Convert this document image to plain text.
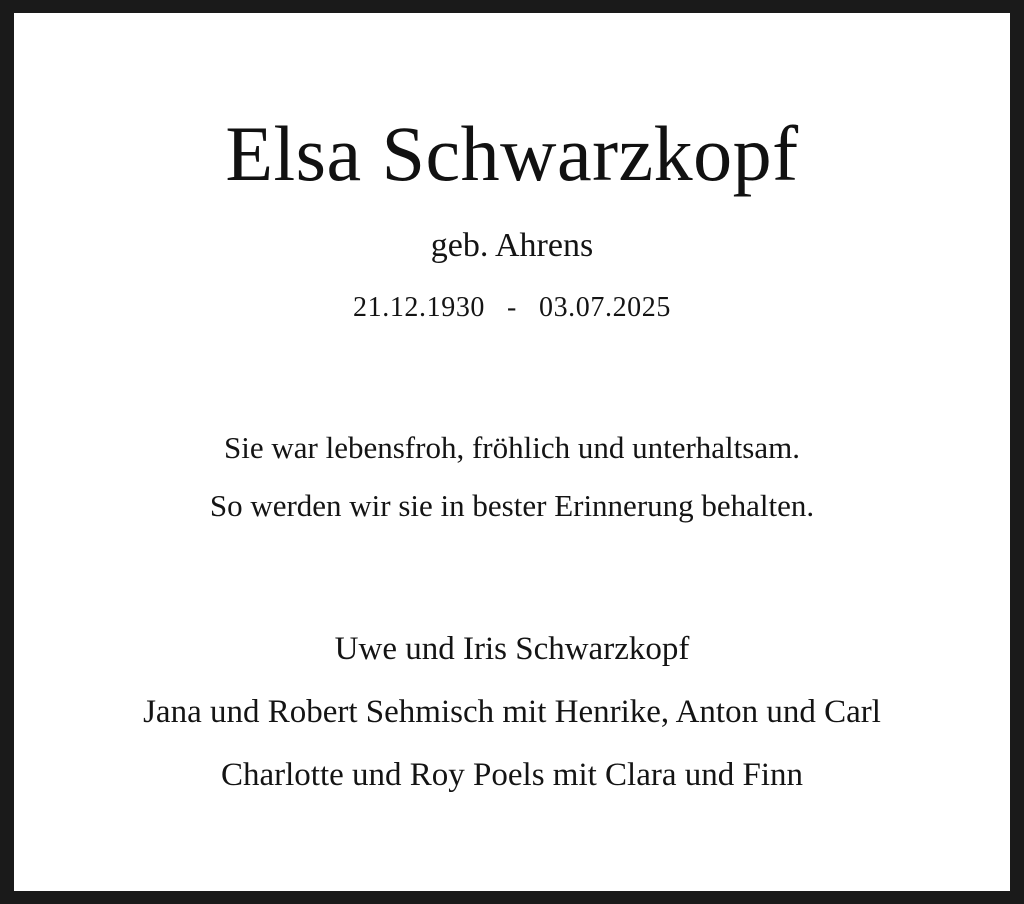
Elsa Schwarzkopf
geb. Ahrens
21.12.1930 - 03.07.2025
Sie war lebensfroh, fröhlich und unterhaltsam.
So werden wir sie in bester Erinnerung behalten.
Uwe und Iris Schwarzkopf
Jana und Robert Sehmisch mit Henrike, Anton und Carl
Charlotte und Roy Poels mit Clara und Finn
